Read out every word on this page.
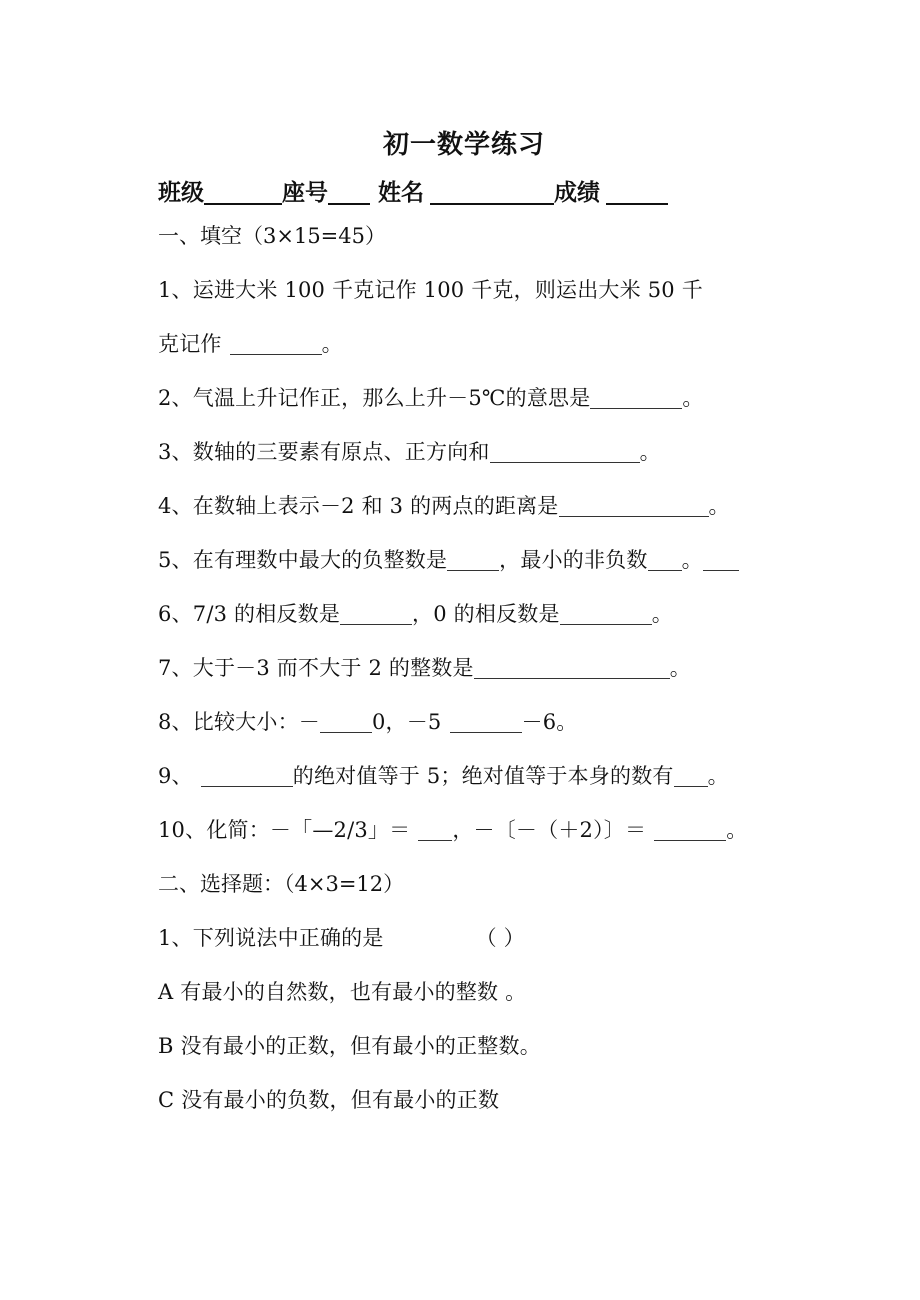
初一数学练习
班级	座号 姓名	成绩
一、填空（3×15=45）
1、运进大米 100 千克记作 100 千克，则运出大米 50 千
克记作	。
2、气温上升记作正，那么上升－5℃的意思是	。
3、数轴的三要素有原点、正方向和	。
4、在数轴上表示－2 和 3 的两点的距离是	。
5、在有理数中最大的负整数是 ，最小的非负数 。
6、7/3 的相反数是	，0 的相反数是	。
7、大于－3 而不大于 2 的整数是	。
8、比较大小：－ 0，－5	－6。
9、	的绝对值等于 5；绝对值等于本身的数有 。
10、化简：－「—2/3」＝ ，－〔－（＋2）〕＝	。
二、选择题：（4×3=12）
1、下列说法中正确的是	（ ）
A 有最小的自然数，也有最小的整数 。
B 没有最小的正数，但有最小的正整数。
C 没有最小的负数，但有最小的正数
